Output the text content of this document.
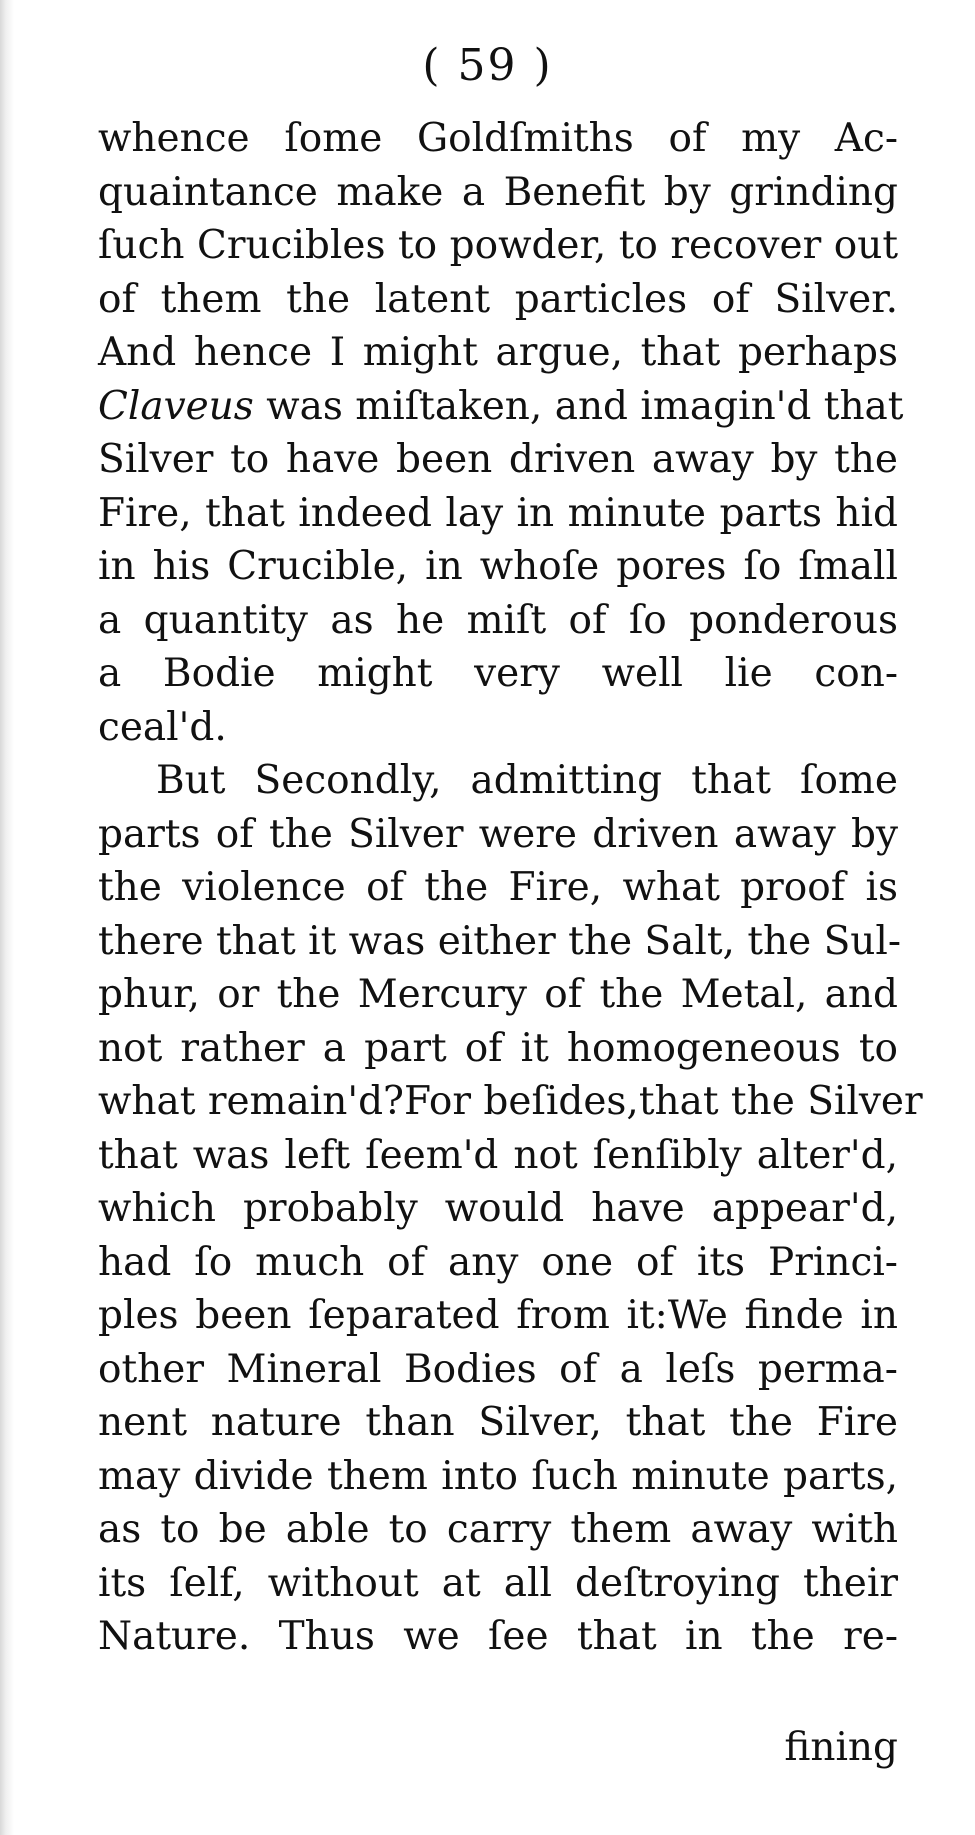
( 59 )
whence ſome Goldſmiths of my Ac-
quaintance make a Benefit by grinding
ſuch Crucibles to powder, to recover out
of them the latent particles of Silver.
And hence I might argue, that perhaps
Claveus was miſtaken, and imagin'd that
Silver to have been driven away by the
Fire, that indeed lay in minute parts hid
in his Crucible, in whoſe pores ſo ſmall
a quantity as he miſt of ſo ponderous
a Bodie might very well lie con-
ceal'd.
But Secondly, admitting that ſome
parts of the Silver were driven away by
the violence of the Fire, what proof is
there that it was either the Salt, the Sul-
phur, or the Mercury of the Metal, and
not rather a part of it homogeneous to
what remain'd?For beſides,that the Silver
that was left ſeem'd not ſenſibly alter'd,
which probably would have appear'd,
had ſo much of any one of its Princi-
ples been ſeparated from it:We finde in
other Mineral Bodies of a leſs perma-
nent nature than Silver, that the Fire
may divide them into ſuch minute parts,
as to be able to carry them away with
its ſelf, without at all deſtroying their
Nature. Thus we ſee that in the re-
fining
